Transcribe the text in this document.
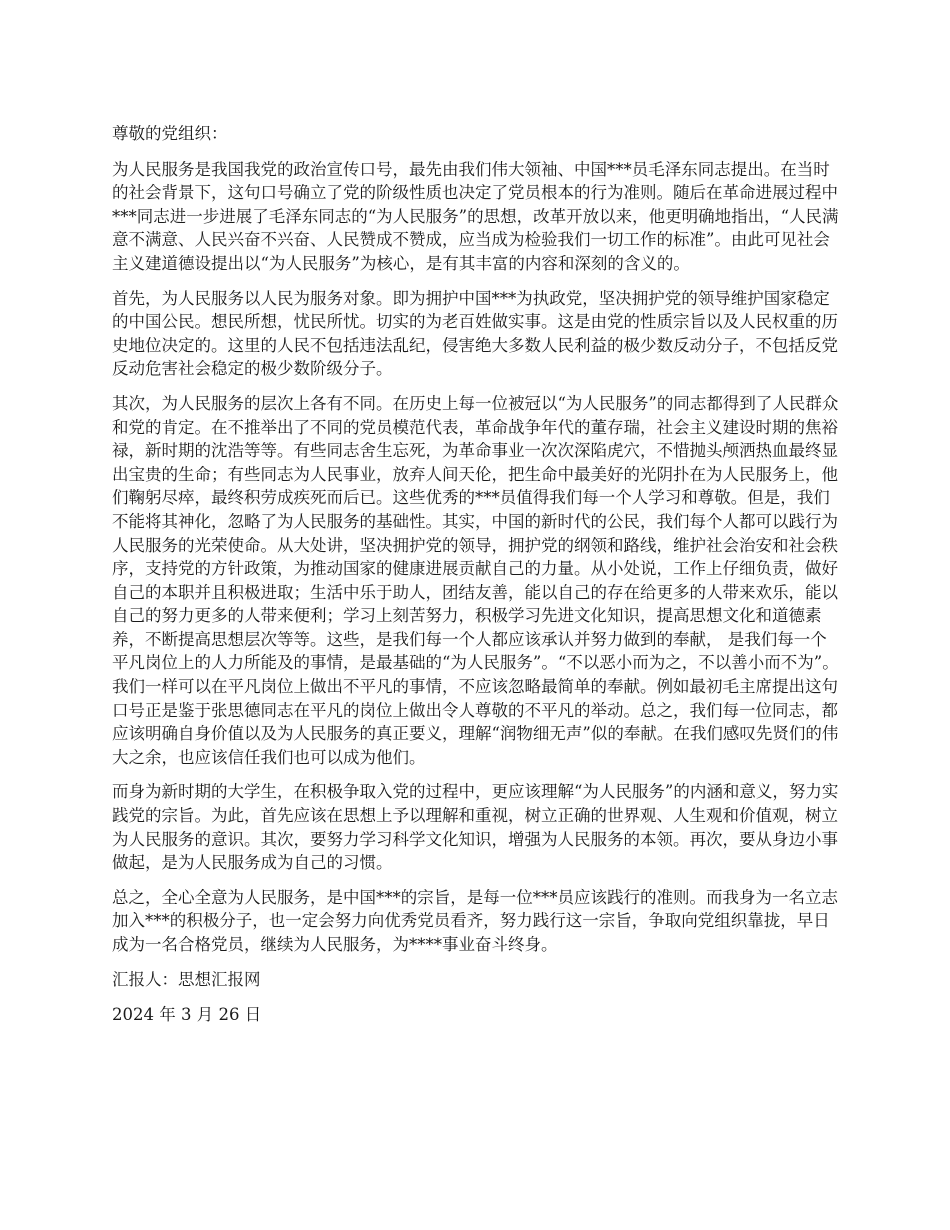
尊敬的党组织：

为人民服务是我国我党的政治宣传口号，最先由我们伟大领袖、中国***员毛泽东同志提出。在当时的社会背景下，这句口号确立了党的阶级性质也决定了党员根本的行为准则。随后在革命进展过程中***同志进一步进展了毛泽东同志的“为人民服务”的思想，改革开放以来，他更明确地指出，“人民满意不满意、人民兴奋不兴奋、人民赞成不赞成，应当成为检验我们一切工作的标准”。由此可见社会主义建道德设提出以“为人民服务”为核心，是有其丰富的内容和深刻的含义的。

首先，为人民服务以人民为服务对象。即为拥护中国***为执政党，坚决拥护党的领导维护国家稳定的中国公民。想民所想，忧民所忧。切实的为老百姓做实事。这是由党的性质宗旨以及人民权重的历史地位决定的。这里的人民不包括违法乱纪，侵害绝大多数人民利益的极少数反动分子，不包括反党反动危害社会稳定的极少数阶级分子。

其次，为人民服务的层次上各有不同。在历史上每一位被冠以“为人民服务”的同志都得到了人民群众和党的肯定。在不推举出了不同的党员模范代表，革命战争年代的董存瑞，社会主义建设时期的焦裕禄，新时期的沈浩等等。有些同志舍生忘死，为革命事业一次次深陷虎穴，不惜抛头颅洒热血最终显出宝贵的生命；有些同志为人民事业，放弃人间天伦，把生命中最美好的光阴扑在为人民服务上，他们鞠躬尽瘁，最终积劳成疾死而后已。这些优秀的***员值得我们每一个人学习和尊敬。但是，我们不能将其神化，忽略了为人民服务的基础性。其实，中国的新时代的公民，我们每个人都可以践行为人民服务的光荣使命。从大处讲，坚决拥护党的领导，拥护党的纲领和路线，维护社会治安和社会秩序，支持党的方针政策，为推动国家的健康进展贡献自己的力量。从小处说，工作上仔细负责，做好自己的本职并且积极进取；生活中乐于助人，团结友善，能以自己的存在给更多的人带来欢乐，能以自己的努力更多的人带来便利；学习上刻苦努力，积极学习先进文化知识，提高思想文化和道德素养，不断提高思想层次等等。这些，是我们每一个人都应该承认并努力做到的奉献， 是我们每一个平凡岗位上的人力所能及的事情，是最基础的“为人民服务”。“不以恶小而为之，不以善小而不为”。我们一样可以在平凡岗位上做出不平凡的事情，不应该忽略最简单的奉献。例如最初毛主席提出这句口号正是鉴于张思德同志在平凡的岗位上做出令人尊敬的不平凡的举动。总之，我们每一位同志，都应该明确自身价值以及为人民服务的真正要义，理解“润物细无声”似的奉献。在我们感叹先贤们的伟大之余，也应该信任我们也可以成为他们。

而身为新时期的大学生，在积极争取入党的过程中，更应该理解“为人民服务”的内涵和意义，努力实践党的宗旨。为此，首先应该在思想上予以理解和重视，树立正确的世界观、人生观和价值观，树立为人民服务的意识。其次，要努力学习科学文化知识，增强为人民服务的本领。再次，要从身边小事做起，是为人民服务成为自己的习惯。

总之，全心全意为人民服务，是中国***的宗旨，是每一位***员应该践行的准则。而我身为一名立志加入***的积极分子，也一定会努力向优秀党员看齐，努力践行这一宗旨，争取向党组织靠拢，早日成为一名合格党员，继续为人民服务，为****事业奋斗终身。

汇报人：思想汇报网

2024 年 3 月 26 日
